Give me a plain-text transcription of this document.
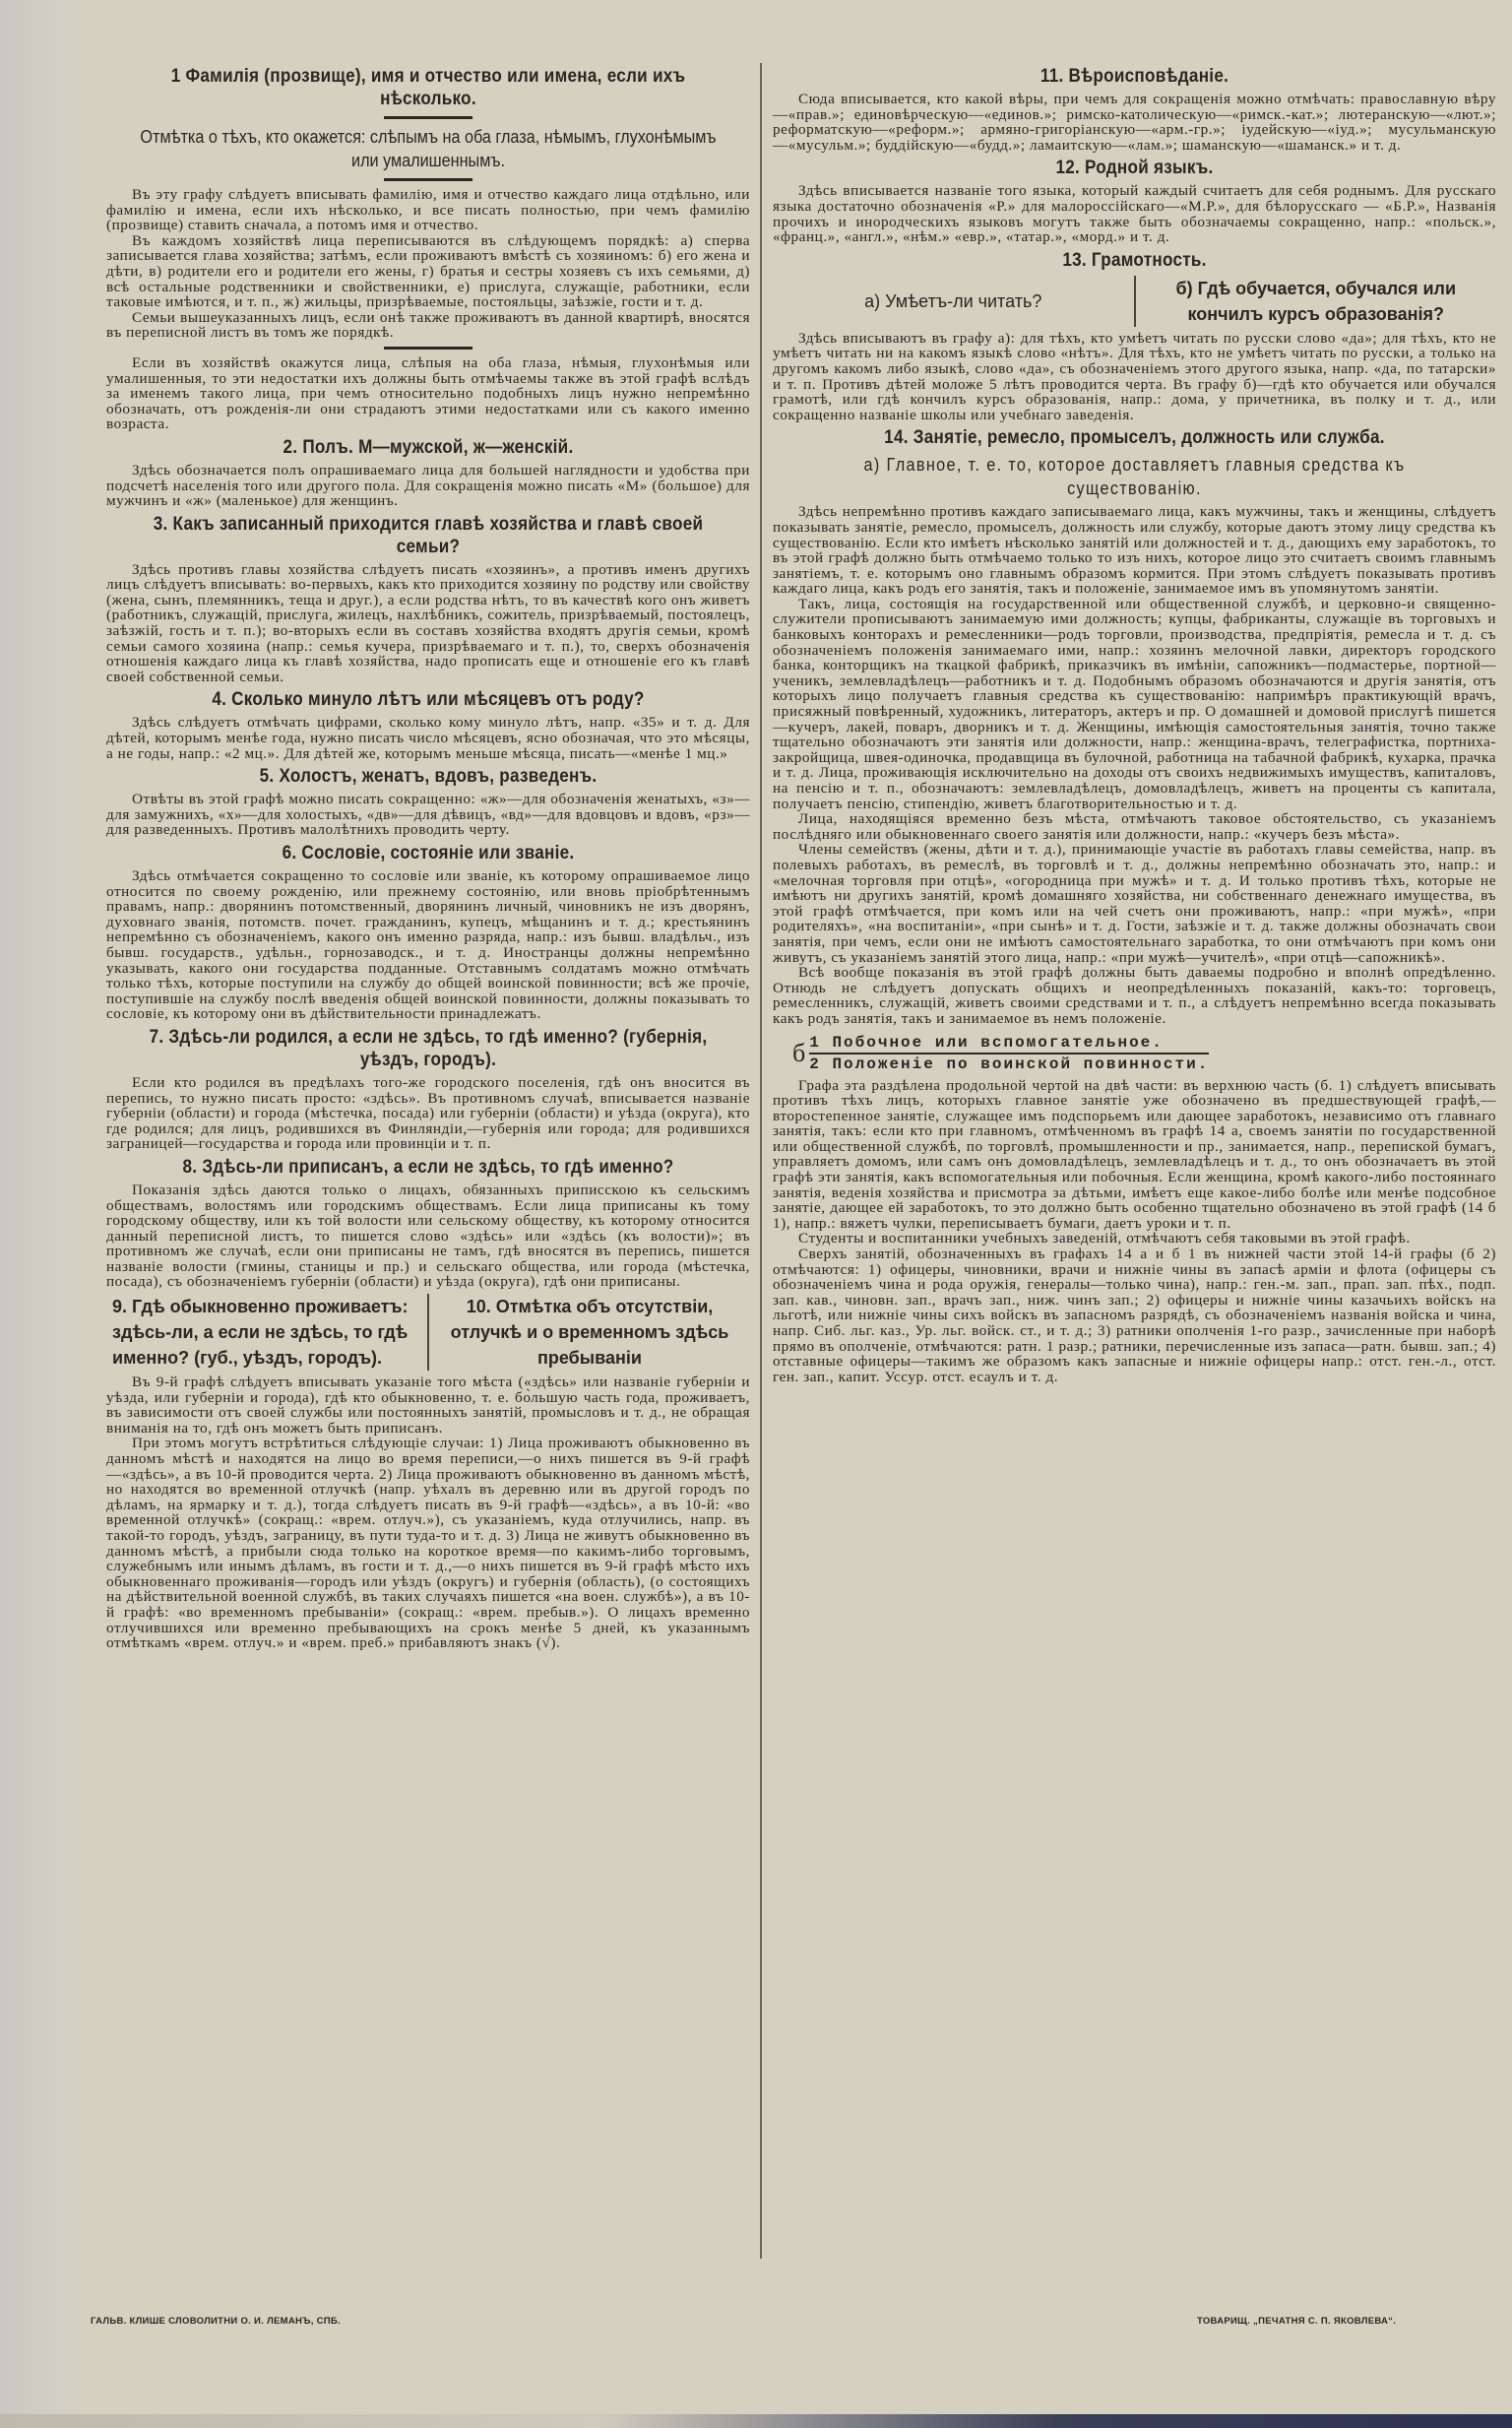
1 Фамилія (прозвище), имя и отчество или имена, если ихъ нѣсколько.
Отмѣтка о тѣхъ, кто окажется: слѣпымъ на оба глаза, нѣмымъ, глухонѣмымъ или умалишеннымъ.

Въ эту графу слѣдуетъ вписывать фамилію, имя и отчество каждаго лица отдѣльно, или фамилію и имена, если ихъ нѣсколько, и все писать полностью, при чемъ фамилію (прозвище) ставить сначала, а потомъ имя и отчество.

Въ каждомъ хозяйствѣ лица переписываются въ слѣдующемъ порядкѣ: а) сперва записывается глава хозяйства; затѣмъ, если проживаютъ вмѣстѣ съ хозяиномъ: б) его жена и дѣти, в) родители его и родители его жены, г) братья и сестры хозяевъ съ ихъ семьями, д) всѣ остальные родственники и свойственники, е) прислуга, служащіе, работники, если таковые имѣются, и т. п., ж) жильцы, призрѣваемые, постояльцы, заѣзжіе, гости и т. д.

Семьи вышеуказанныхъ лицъ, если онѣ также проживаютъ въ данной квартирѣ, вносятся въ переписной листъ въ томъ же порядкѣ.

Если въ хозяйствѣ окажутся лица, слѣпыя на оба глаза, нѣмыя, глухонѣмыя или умалишенныя, то эти недостатки ихъ должны быть отмѣчаемы также въ этой графѣ вслѣдъ за именемъ такого лица, при чемъ относительно подобныхъ лицъ нужно непремѣнно обозначать, отъ рожденія-ли они страдаютъ этими недостатками или съ какого именно возраста.

2. Полъ. М—мужской, ж—женскій.

Здѣсь обозначается полъ опрашиваемаго лица для большей наглядности и удобства при подсчетѣ населенія того или другого пола. Для сокращенія можно писать «М» (большое) для мужчинъ и «ж» (маленькое) для женщинъ.

3. Какъ записанный приходится главѣ хозяйства и главѣ своей семьи?

Здѣсь противъ главы хозяйства слѣдуетъ писать «хозяинъ», а противъ именъ другихъ лицъ слѣдуетъ вписывать: во-первыхъ, какъ кто приходится хозяину по родству или свойству (жена, сынъ, племянникъ, теща и друг.), а если родства нѣтъ, то въ качествѣ кого онъ живетъ (работникъ, служащій, прислуга, жилецъ, нахлѣбникъ, сожитель, призрѣваемый, постоялецъ, заѣзжій, гость и т. п.); во-вторыхъ если въ составъ хозяйства входятъ другія семьи, кромѣ семьи самого хозяина (напр.: семья кучера, призрѣваемаго и т. п.), то, сверхъ обозначенія отношенія каждаго лица къ главѣ хозяйства, надо прописать еще и отношеніе его къ главѣ своей собственной семьи.

4. Сколько минуло лѣтъ или мѣсяцевъ отъ роду?

Здѣсь слѣдуетъ отмѣчать цифрами, сколько кому минуло лѣтъ, напр. «35» и т. д. Для дѣтей, которымъ менѣе года, нужно писать число мѣсяцевъ, ясно обозначая, что это мѣсяцы, а не годы, напр.: «2 мц.». Для дѣтей же, которымъ меньше мѣсяца, писать—«менѣе 1 мц.»

5. Холостъ, женатъ, вдовъ, разведенъ.

Отвѣты въ этой графѣ можно писать сокращенно: «ж»—для обозначенія женатыхъ, «з»—для замужнихъ, «х»—для холостыхъ, «дв»—для дѣвицъ, «вд»—для вдовцовъ и вдовъ, «рз»—для разведенныхъ. Противъ малолѣтнихъ проводить черту.

6. Сословіе, состояніе или званіе.

Здѣсь отмѣчается сокращенно то сословіе или званіе, къ которому опрашиваемое лицо относится по своему рожденію, или прежнему состоянію, или вновь пріобрѣтеннымъ правамъ, напр.: дворянинъ потомственный, дворянинъ личный, чиновникъ не изъ дворянъ, духовнаго званія, потомств. почет. гражданинъ, купецъ, мѣщанинъ и т. д.; крестьянинъ непремѣнно съ обозначеніемъ, какого онъ именно разряда, напр.: изъ бывш. владѣльч., изъ бывш. государств., удѣльн., горнозаводск., и т. д. Иностранцы должны непремѣнно указывать, какого они государства подданные. Отставнымъ солдатамъ можно отмѣчать только тѣхъ, которые поступили на службу до общей воинской повинности; всѣ же прочіе, поступившіе на службу послѣ введенія общей воинской повинности, должны показывать то сословіе, къ которому они въ дѣйствительности принадлежатъ.

7. Здѣсь-ли родился, а если не здѣсь, то гдѣ именно? (губернія, уѣздъ, городъ).

Если кто родился въ предѣлахъ того-же городского поселенія, гдѣ онъ вносится въ перепись, то нужно писать просто: «здѣсь». Въ противномъ случаѣ, вписывается названіе губерніи (области) и города (мѣстечка, посада) или губерніи (области) и уѣзда (округа), кто где родился; для лицъ, родившихся въ Финляндіи,—губернія или города; для родившихся заграницей—государства и города или провинціи и т. п.

8. Здѣсь-ли приписанъ, а если не здѣсь, то гдѣ именно?

Показанія здѣсь даются только о лицахъ, обязанныхъ приписскою къ сельскимъ обществамъ, волостямъ или городскимъ обществамъ. Если лица приписаны къ тому городскому обществу, или къ той волости или сельскому обществу, къ которому относится данный переписной листъ, то пишется слово «здѣсь» или «здѣсь (къ волости)»; въ противномъ же случаѣ, если они приписаны не тамъ, гдѣ вносятся въ перепись, пишется названіе волости (гмины, станицы и пр.) и сельскаго общества, или города (мѣстечка, посада), съ обозначеніемъ губерніи (области) и уѣзда (округа), гдѣ они приписаны.

9. Гдѣ обыкновенно проживаетъ: здѣсь-ли, а если не здѣсь, то гдѣ именно? (губ., уѣздъ, городъ).
10. Отмѣтка объ отсутствіи, отлучкѣ и о временномъ здѣсь пребываніи

Въ 9-й графѣ слѣдуетъ вписывать указаніе того мѣста («здѣсь» или названіе губерніи и уѣзда, или губерніи и города), гдѣ кто обыкновенно, т. е. бо̀льшую часть года, проживаетъ, въ зависимости отъ своей службы или постоянныхъ занятій, промысловъ и т. д., не обращая вниманія на то, гдѣ онъ можетъ быть приписанъ.

При этомъ могутъ встрѣтиться слѣдующіе случаи: 1) Лица проживаютъ обыкновенно въ данномъ мѣстѣ и находятся на лицо во время переписи,—о нихъ пишется въ 9-й графѣ—«здѣсь», а въ 10-й проводится черта. 2) Лица проживаютъ обыкновенно въ данномъ мѣстѣ, но находятся во временной отлучкѣ (напр. уѣхалъ въ деревню или въ другой городъ по дѣламъ, на ярмарку и т. д.), тогда слѣдуетъ писать въ 9-й графѣ—«здѣсь», а въ 10-й: «во временной отлучкѣ» (сокращ.: «врем. отлуч.»), съ указаніемъ, куда отлучились, напр. въ такой-то городъ, уѣздъ, заграницу, въ пути туда-то и т. д. 3) Лица не живутъ обыкновенно въ данномъ мѣстѣ, а прибыли сюда только на короткое время—по какимъ-либо торговымъ, служебнымъ или инымъ дѣламъ, въ гости и т. д.,—о нихъ пишется въ 9-й графѣ мѣсто ихъ обыкновеннаго проживанія—городъ или уѣздъ (округъ) и губернія (область), (о состоящихъ на дѣйствительной военной службѣ, въ таких случаяхъ пишется «на воен. службѣ»), а въ 10-й графѣ: «во временномъ пребываніи» (сокращ.: «врем. пребыв.»). О лицахъ временно отлучившихся или временно пребывающихъ на срокъ менѣе 5 дней, къ указаннымъ отмѣткамъ «врем. отлуч.» и «врем. преб.» прибавляютъ знакъ (√).

11. Вѣроисповѣданіе.

Сюда вписывается, кто какой вѣры, при чемъ для сокращенія можно отмѣчать: православную вѣру—«прав.»; единовѣрческую—«единов.»; римско-католическую—«римск.-кат.»; лютеранскую—«лют.»; реформатскую—«реформ.»; армяно-григоріанскую—«арм.-гр.»; іудейскую—«іуд.»; мусульманскую—«мусульм.»; буддійскую—«будд.»; ламаитскую—«лам.»; шаманскую—«шаманск.» и т. д.

12. Родной языкъ.

Здѣсь вписывается названіе того языка, который каждый считаетъ для себя роднымъ. Для русскаго языка достаточно обозначенія «Р.» для малороссійскаго—«М.Р.», для бѣлорусскаго — «Б.Р.», Названія прочихъ и инородческихъ языковъ могутъ также быть обозначаемы сокращенно, напр.: «польск.», «франц.», «англ.», «нѣм.» «евр.», «татар.», «морд.» и т. д.

13. Грамотность.
а) Умѣетъ-ли читать?
б) Гдѣ обучается, обучался или кончилъ курсъ образованія?

Здѣсь вписываютъ въ графу а): для тѣхъ, кто умѣетъ читать по русски слово «да»; для тѣхъ, кто не умѣетъ читать ни на какомъ языкѣ слово «нѣтъ». Для тѣхъ, кто не умѣетъ читать по русски, а только на другомъ какомъ либо языкѣ, слово «да», съ обозначеніемъ этого другого языка, напр. «да, по татарски» и т. п. Противъ дѣтей моложе 5 лѣтъ проводится черта. Въ графу б)—гдѣ кто обучается или обучался грамотѣ, или гдѣ кончилъ курсъ образованія, напр.: дома, у причетника, въ полку и т. д., или сокращенно названіе школы или учебнаго заведенія.

14. Занятіе, ремесло, промыселъ, должность или служба.
а) Главное, т. е. то, которое доставляетъ главныя средства къ существованію.

Здѣсь непремѣнно противъ каждаго записываемаго лица, какъ мужчины, такъ и женщины, слѣдуетъ показывать занятіе, ремесло, промыселъ, должность или службу, которые даютъ этому лицу средства къ существованію. Если кто имѣетъ нѣсколько занятій или должностей и т. д., дающихъ ему заработокъ, то въ этой графѣ должно быть отмѣчаемо только то изъ нихъ, которое лицо это считаетъ своимъ главнымъ занятіемъ, т. е. которымъ оно главнымъ образомъ кормится. При этомъ слѣдуетъ показывать противъ каждаго лица, какъ родъ его занятія, такъ и положеніе, занимаемое имъ въ упомянутомъ занятіи.

Такъ, лица, состоящія на государственной или общественной службѣ, и церковно-и священно-служители прописываютъ занимаемую ими должность; купцы, фабриканты, служащіе въ торговыхъ и банковыхъ конторахъ и ремесленники—родъ торговли, производства, предпріятія, ремесла и т. д. съ обозначеніемъ положенія занимаемаго ими, напр.: хозяинъ мелочной лавки, директоръ городского банка, конторщикъ на ткацкой фабрикѣ, приказчикъ въ имѣніи, сапожникъ—подмастерье, портной—ученикъ, землевладѣлецъ—работникъ и т. д. Подобнымъ образомъ обозначаются и другія занятія, отъ которыхъ лицо получаетъ главныя средства къ существованію: напримѣръ практикующій врачъ, присяжный повѣренный, художникъ, литераторъ, актеръ и пр. О домашней и домовой прислугѣ пишется—кучеръ, лакей, поваръ, дворникъ и т. д. Женщины, имѣющія самостоятельныя занятія, точно также тщательно обозначаютъ эти занятія или должности, напр.: женщина-врачъ, телеграфистка, портниха-закройщица, швея-одиночка, продавщица въ булочной, работница на табачной фабрикѣ, кухарка, прачка и т. д. Лица, проживающія исключительно на доходы отъ своихъ недвижимыхъ имуществъ, капиталовъ, на пенсію и т. п., обозначаютъ: землевладѣлецъ, домовладѣлецъ, живетъ на проценты съ капитала, получаетъ пенсію, стипендію, живетъ благотворительностью и т. д.

Лица, находящіяся временно безъ мѣста, отмѣчаютъ таковое обстоятельство, съ указаніемъ послѣдняго или обыкновеннаго своего занятія или должности, напр.: «кучеръ безъ мѣста».

Члены семействъ (жены, дѣти и т. д.), принимающіе участіе въ работахъ главы семейства, напр. въ полевыхъ работахъ, въ ремеслѣ, въ торговлѣ и т. д., должны непремѣнно обозначать это, напр.: и «мелочная торговля при отцѣ», «огородница при мужѣ» и т. д. И только противъ тѣхъ, которые не имѣютъ ни другихъ занятій, кромѣ домашняго хозяйства, ни собственнаго денежнаго имущества, въ этой графѣ отмѣчается, при комъ или на чей счетъ они проживаютъ, напр.: «при мужѣ», «при родителяхъ», «на воспитаніи», «при сынѣ» и т. д. Гости, заѣзжіе и т. д. также должны обозначать свои занятія, при чемъ, если они не имѣютъ самостоятельнаго заработка, то они отмѣчаютъ при комъ они живутъ, съ указаніемъ занятій этого лица, напр.: «при мужѣ—учителѣ», «при отцѣ—сапожникѣ».

Всѣ вообще показанія въ этой графѣ должны быть даваемы подробно и вполнѣ опредѣленно. Отнюдь не слѣдуетъ допускать общихъ и неопредѣленныхъ показаній, какъ-то: торговецъ, ремесленникъ, служащій, живетъ своими средствами и т. п., а слѣдуетъ непремѣнно всегда показывать какъ родъ занятія, такъ и занимаемое въ немъ положеніе.

б 1 Побочное или вспомогательное.
2 Положеніе по воинской повинности.

Графа эта раздѣлена продольной чертой на двѣ части: въ верхнюю часть (б. 1) слѣдуетъ вписывать противъ тѣхъ лицъ, которыхъ главное занятіе уже обозначено въ предшествующей графѣ,—второстепенное занятіе, служащее имъ подспорьемъ или дающее заработокъ, независимо отъ главнаго занятія, такъ: если кто при главномъ, отмѣченномъ въ графѣ 14 а, своемъ занятіи по государственной или общественной службѣ, по торговлѣ, промышленности и пр., занимается, напр., перепиской бумагъ, управляетъ домомъ, или самъ онъ домовладѣлецъ, землевладѣлецъ и т. д., то онъ обозначаетъ въ этой графѣ эти занятія, какъ вспомогательныя или побочныя. Если женщина, кромѣ какого-либо постояннаго занятія, веденія хозяйства и присмотра за дѣтьми, имѣетъ еще какое-либо болѣе или менѣе подсобное занятіе, дающее ей заработокъ, то это должно быть особенно тщательно обозначено въ этой графѣ (14 б 1), напр.: вяжетъ чулки, переписываетъ бумаги, даетъ уроки и т. п.

Студенты и воспитанники учебныхъ заведеній, отмѣчаютъ себя таковыми въ этой графѣ.

Сверхъ занятій, обозначенныхъ въ графахъ 14 а и б 1 въ нижней части этой 14-й графы (б 2) отмѣчаются: 1) офицеры, чиновники, врачи и нижніе чины въ запасѣ арміи и флота (офицеры съ обозначеніемъ чина и рода оружія, генералы—только чина), напр.: ген.-м. зап., прап. зап. пѣх., подп. зап. кав., чиновн. зап., врачъ зап., ниж. чинъ зап.; 2) офицеры и нижніе чины казачьихъ войскъ на льготѣ, или нижніе чины сихъ войскъ въ запасномъ разрядѣ, съ обозначеніемъ названія войска и чина, напр. Сиб. льг. каз., Ур. льг. войск. ст., и т. д.; 3) ратники ополченія 1-го разр., зачисленные при наборѣ прямо въ ополченіе, отмѣчаются: ратн. 1 разр.; ратники, перечисленные изъ запаса—ратн. бывш. зап.; 4) отставные офицеры—такимъ же образомъ какъ запасные и нижніе офицеры напр.: отст. ген.-л., отст. ген. зап., капит. Уссур. отст. есаулъ и т. д.

ГАЛЬВ. КЛИШЕ СЛОВОЛИТНИ О. И. ЛЕМАНЪ, СПБ.	ТОВАРИЩ. „ПЕЧАТНЯ С. П. ЯКОВЛЕВА“.
